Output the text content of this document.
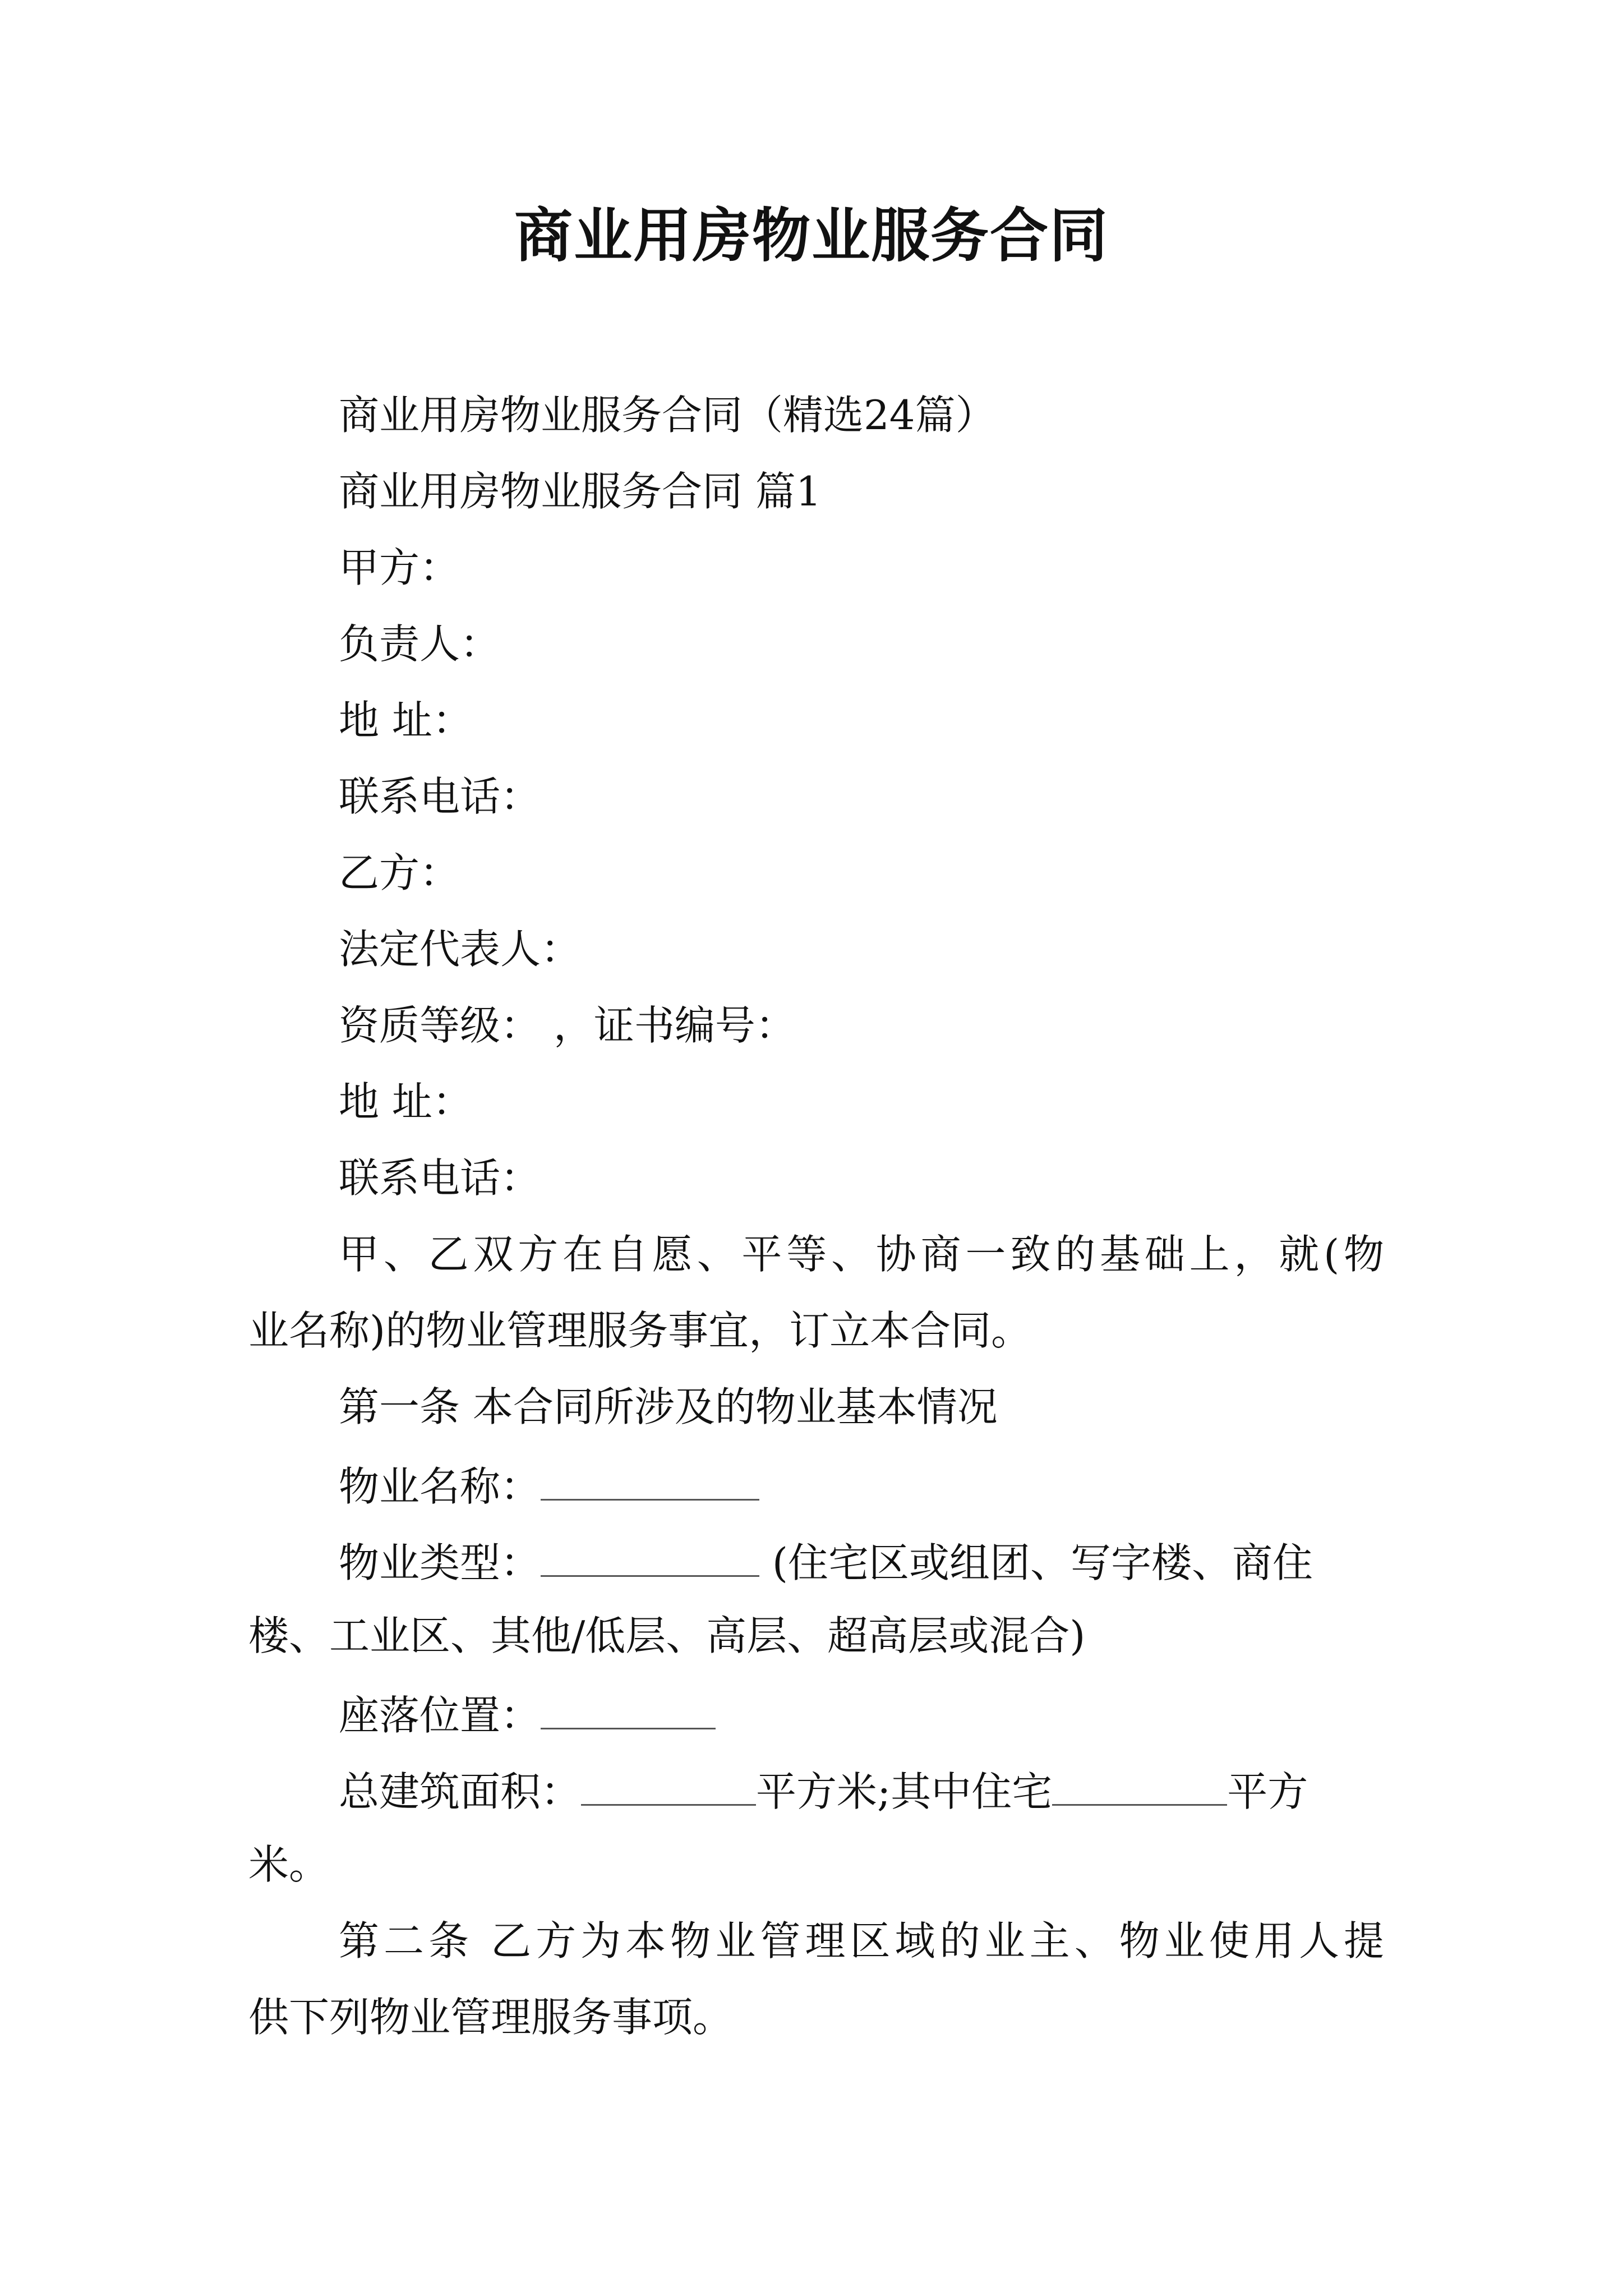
商业用房物业服务合同

商业用房物业服务合同（精选24篇）

商业用房物业服务合同 篇1

甲方：

负责人：

地 址：

联系电话：

乙方：

法定代表人：

资质等级： ，证书编号：

地 址：

联系电话：

甲、乙双方在自愿、平等、协商一致的基础上，就(物

业名称)的物业管理服务事宜，订立本合同。

第一条 本合同所涉及的物业基本情况

物业名称：

物业类型：	(住宅区或组团、写字楼、商住

楼、工业区、其他/低层、高层、超高层或混合)

座落位置：

总建筑面积：	平方米;其中住宅	平方

米。

第二条 乙方为本物业管理区域的业主、物业使用人提

供下列物业管理服务事项。
